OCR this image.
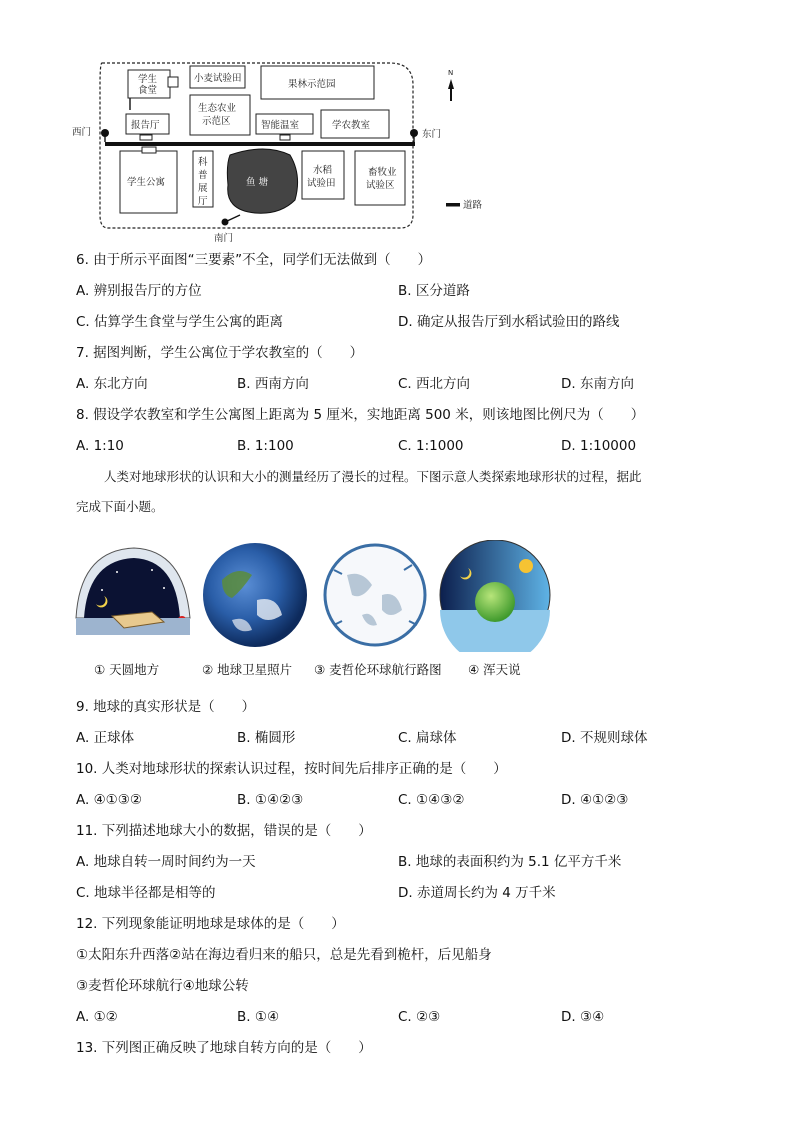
学生
食堂
小麦试验田
果林示范园
生态农业
示范区
报告厅	智能温室	学农教室
学生公寓
科
普
展
厅
鱼 塘
水稻
试验田
畜牧业
试验区
西门	东门
南门
N
道路
6. 由于所示平面图“三要素”不全，同学们无法做到（　　）
A. 辨别报告厅的方位	B. 区分道路
C. 估算学生食堂与学生公寓的距离	D. 确定从报告厅到水稻试验田的路线
7. 据图判断，学生公寓位于学农教室的（　　）
A. 东北方向	B. 西南方向	C. 西北方向	D. 东南方向
8. 假设学农教室和学生公寓图上距离为 5 厘米，实地距离 500 米，则该地图比例尺为（　　）
A. 1:10	B. 1:100	C. 1:1000	D. 1:10000
人类对地球形状的认识和大小的测量经历了漫长的过程。下图示意人类探索地球形状的过程，据此
完成下面小题。
① 天圆地方	② 地球卫星照片 ③ 麦哲伦环球航行路图 ④ 浑天说
9. 地球的真实形状是（　　）
A. 正球体	B. 椭圆形	C. 扁球体	D. 不规则球体
10. 人类对地球形状的探索认识过程，按时间先后排序正确的是（　　）
A. ④①③②	B. ①④②③	C. ①④③②	D. ④①②③
11. 下列描述地球大小的数据，错误的是（　　）
A. 地球自转一周时间约为一天	B. 地球的表面积约为 5.1 亿平方千米
C. 地球半径都是相等的	D. 赤道周长约为 4 万千米
12. 下列现象能证明地球是球体的是（　　）
①太阳东升西落②站在海边看归来的船只，总是先看到桅杆，后见船身
③麦哲伦环球航行④地球公转
A. ①②	B. ①④	C. ②③	D. ③④
13. 下列图正确反映了地球自转方向的是（　　）
